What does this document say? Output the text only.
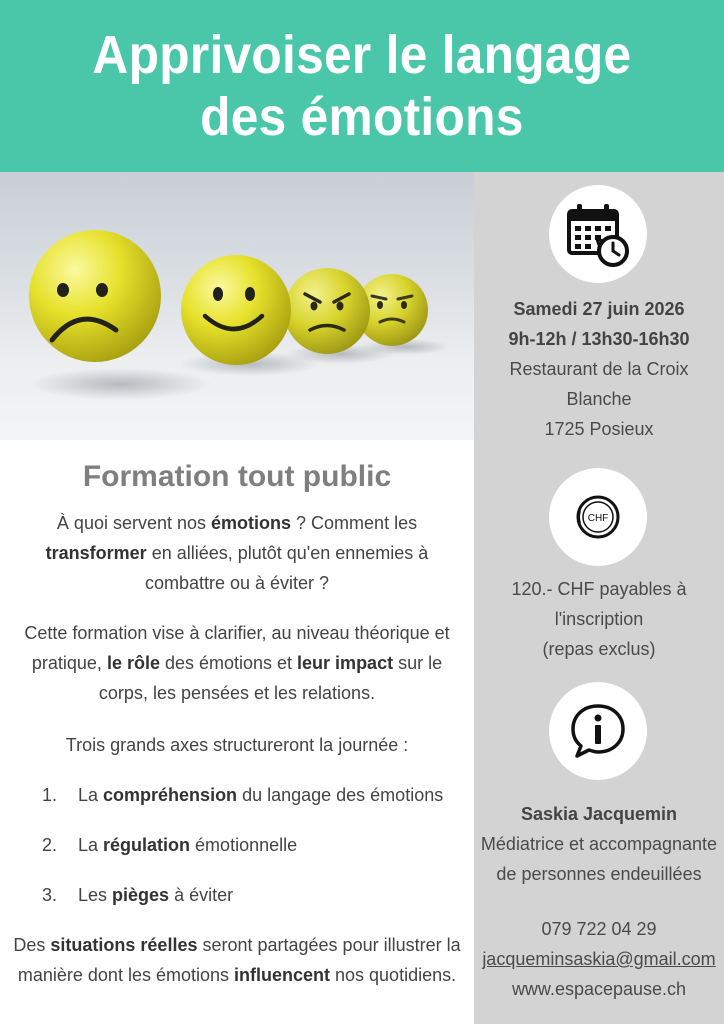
Apprivoiser le langage
des émotions
Samedi 27 juin 2026
9h-12h / 13h30-16h30
Restaurant de la Croix
Blanche
1725 Posieux
CHF
120.- CHF payables à
l'inscription
(repas exclus)
Saskia Jacquemin
Médiatrice et accompagnante
de personnes endeuillées
079 722 04 29
jacqueminsaskia@gmail.com
www.espacepause.ch
Formation tout public
À quoi servent nos émotions ? Comment les transformer en alliées, plutôt qu'en ennemies à combattre ou à éviter ?
Cette formation vise à clarifier, au niveau théorique et pratique, le rôle des émotions et leur impact sur le corps, les pensées et les relations.
Trois grands axes structureront la journée :
1. La compréhension du langage des émotions
2. La régulation émotionnelle
3. Les pièges à éviter
Des situations réelles seront partagées pour illustrer la manière dont les émotions influencent nos quotidiens.
